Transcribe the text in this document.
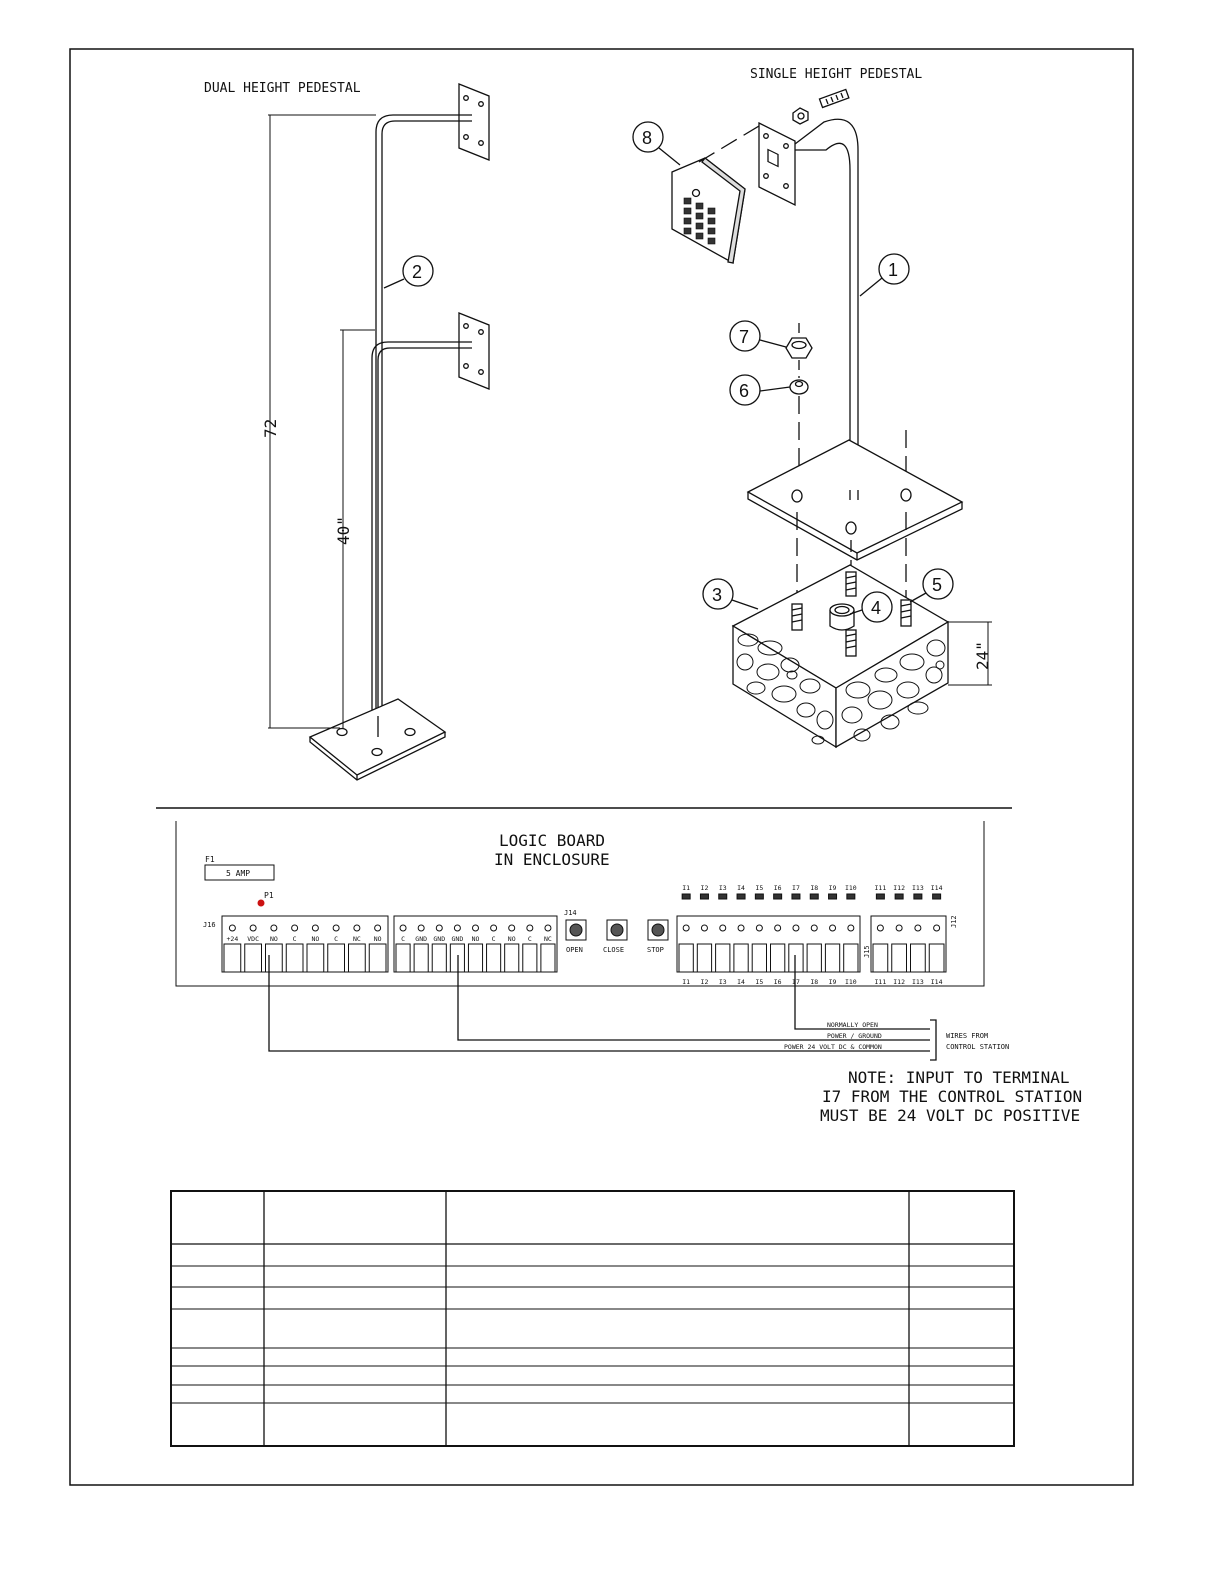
DUAL HEIGHT PEDESTAL
72
40"
2
SINGLE HEIGHT PEDESTAL
8
1
7
6
3
4
5
24"
LOGIC BOARD
IN ENCLOSURE
F1
5 AMP
P1
J16
J14
J12
J15
+24 VDC NO C NO C NC NO	C GND GND GND NO C NO C NC
OPEN	CLOSE	STOP
I1
I1
I2
I2
I3
I3
I4
I4
I5
I5
I6
I6
I7
I7
I8
I8
I9
I9
I10
I10
I11
I11
I12
I12
I13
I13
I14
I14
NORMALLY OPEN
POWER / GROUND
POWER 24 VOLT DC & COMMON
WIRES FROM
CONTROL STATION
NOTE: INPUT TO TERMINAL
I7 FROM THE CONTROL STATION
MUST BE 24 VOLT DC POSITIVE
